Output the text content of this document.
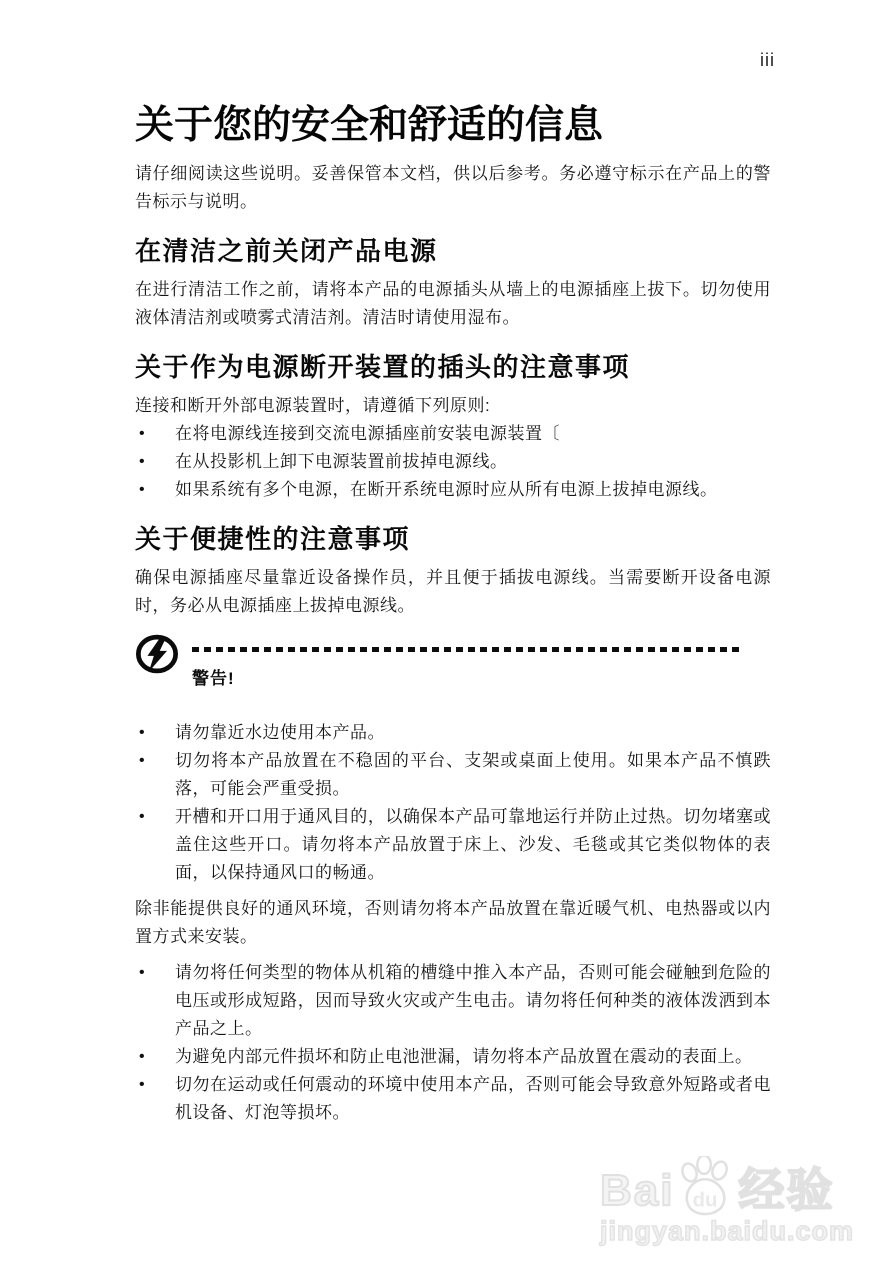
iii
关于您的安全和舒适的信息

请仔细阅读这些说明。妥善保管本文档，供以后参考。务必遵守标示在产品上的警告标示与说明。

在清洁之前关闭产品电源

在进行清洁工作之前，请将本产品的电源插头从墙上的电源插座上拔下。切勿使用液体清洁剂或喷雾式清洁剂。清洁时请使用湿布。

关于作为电源断开装置的插头的注意事项

连接和断开外部电源装置时，请遵循下列原则:

• 在将电源线连接到交流电源插座前安装电源装置〔
• 在从投影机上卸下电源装置前拔掉电源线。
• 如果系统有多个电源，在断开系统电源时应从所有电源上拔掉电源线。
关于便捷性的注意事项

确保电源插座尽量靠近设备操作员，并且便于插拔电源线。当需要断开设备电源时，务必从电源插座上拔掉电源线。

警告!
• 请勿靠近水边使用本产品。
• 切勿将本产品放置在不稳固的平台、支架或桌面上使用。如果本产品不慎跌落，可能会严重受损。
• 开槽和开口用于通风目的，以确保本产品可靠地运行并防止过热。切勿堵塞或盖住这些开口。请勿将本产品放置于床上、沙发、毛毯或其它类似物体的表面，以保持通风口的畅通。

除非能提供良好的通风环境，否则请勿将本产品放置在靠近暖气机、电热器或以内置方式来安装。

• 请勿将任何类型的物体从机箱的槽缝中推入本产品，否则可能会碰触到危险的电压或形成短路，因而导致火灾或产生电击。请勿将任何种类的液体泼洒到本产品之上。
• 为避免内部元件损坏和防止电池泄漏，请勿将本产品放置在震动的表面上。
• 切勿在运动或任何震动的环境中使用本产品，否则可能会导致意外短路或者电机设备、灯泡等损坏。
Bai du 经验
jingyan.baidu.com
